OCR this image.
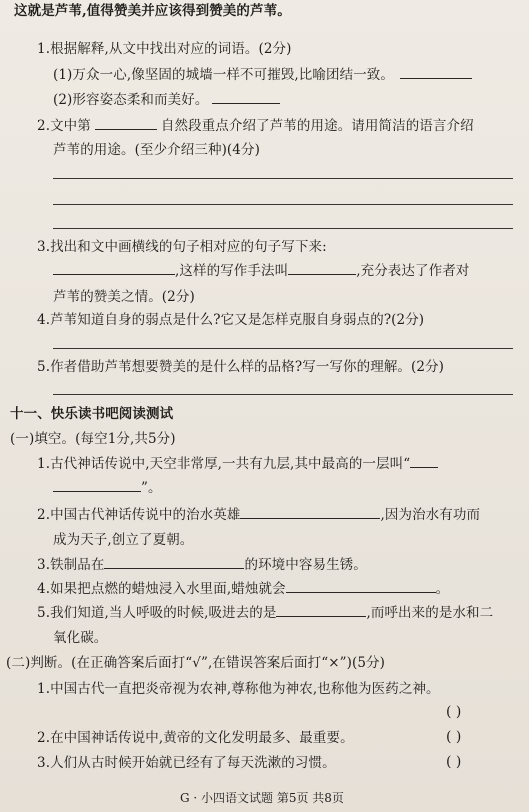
这就是芦苇,值得赞美并应该得到赞美的芦苇。
1.根据解释,从文中找出对应的词语。(2分)
(1)万众一心,像坚固的城墙一样不可摧毁,比喻团结一致。
(2)形容姿态柔和而美好。
2.文中第	自然段重点介绍了芦苇的用途。请用简洁的语言介绍
芦苇的用途。(至少介绍三种)(4分)
3.找出和文中画横线的句子相对应的句子写下来:
,这样的写作手法叫	,充分表达了作者对
芦苇的赞美之情。(2分)
4.芦苇知道自身的弱点是什么?它又是怎样克服自身弱点的?(2分)
5.作者借助芦苇想要赞美的是什么样的品格?写一写你的理解。(2分)
十一、快乐读书吧阅读测试
(一)填空。(每空1分,共5分)
1.古代神话传说中,天空非常厚,一共有九层,其中最高的一层叫“
”。
2.中国古代神话传说中的治水英雄	,因为治水有功而
成为天子,创立了夏朝。
3.铁制品在	的环境中容易生锈。
4.如果把点燃的蜡烛浸入水里面,蜡烛就会	。
5.我们知道,当人呼吸的时候,吸进去的是	,而呼出来的是水和二
氧化碳。
(二)判断。(在正确答案后面打“√”,在错误答案后面打“×”)(5分)
1.中国古代一直把炎帝视为农神,尊称他为神农,也称他为医药之神。
( )
2.在中国神话传说中,黄帝的文化发明最多、最重要。	( )
3.人们从古时候开始就已经有了每天洗漱的习惯。	( )
G · 小四语文试题 第5页 共8页
